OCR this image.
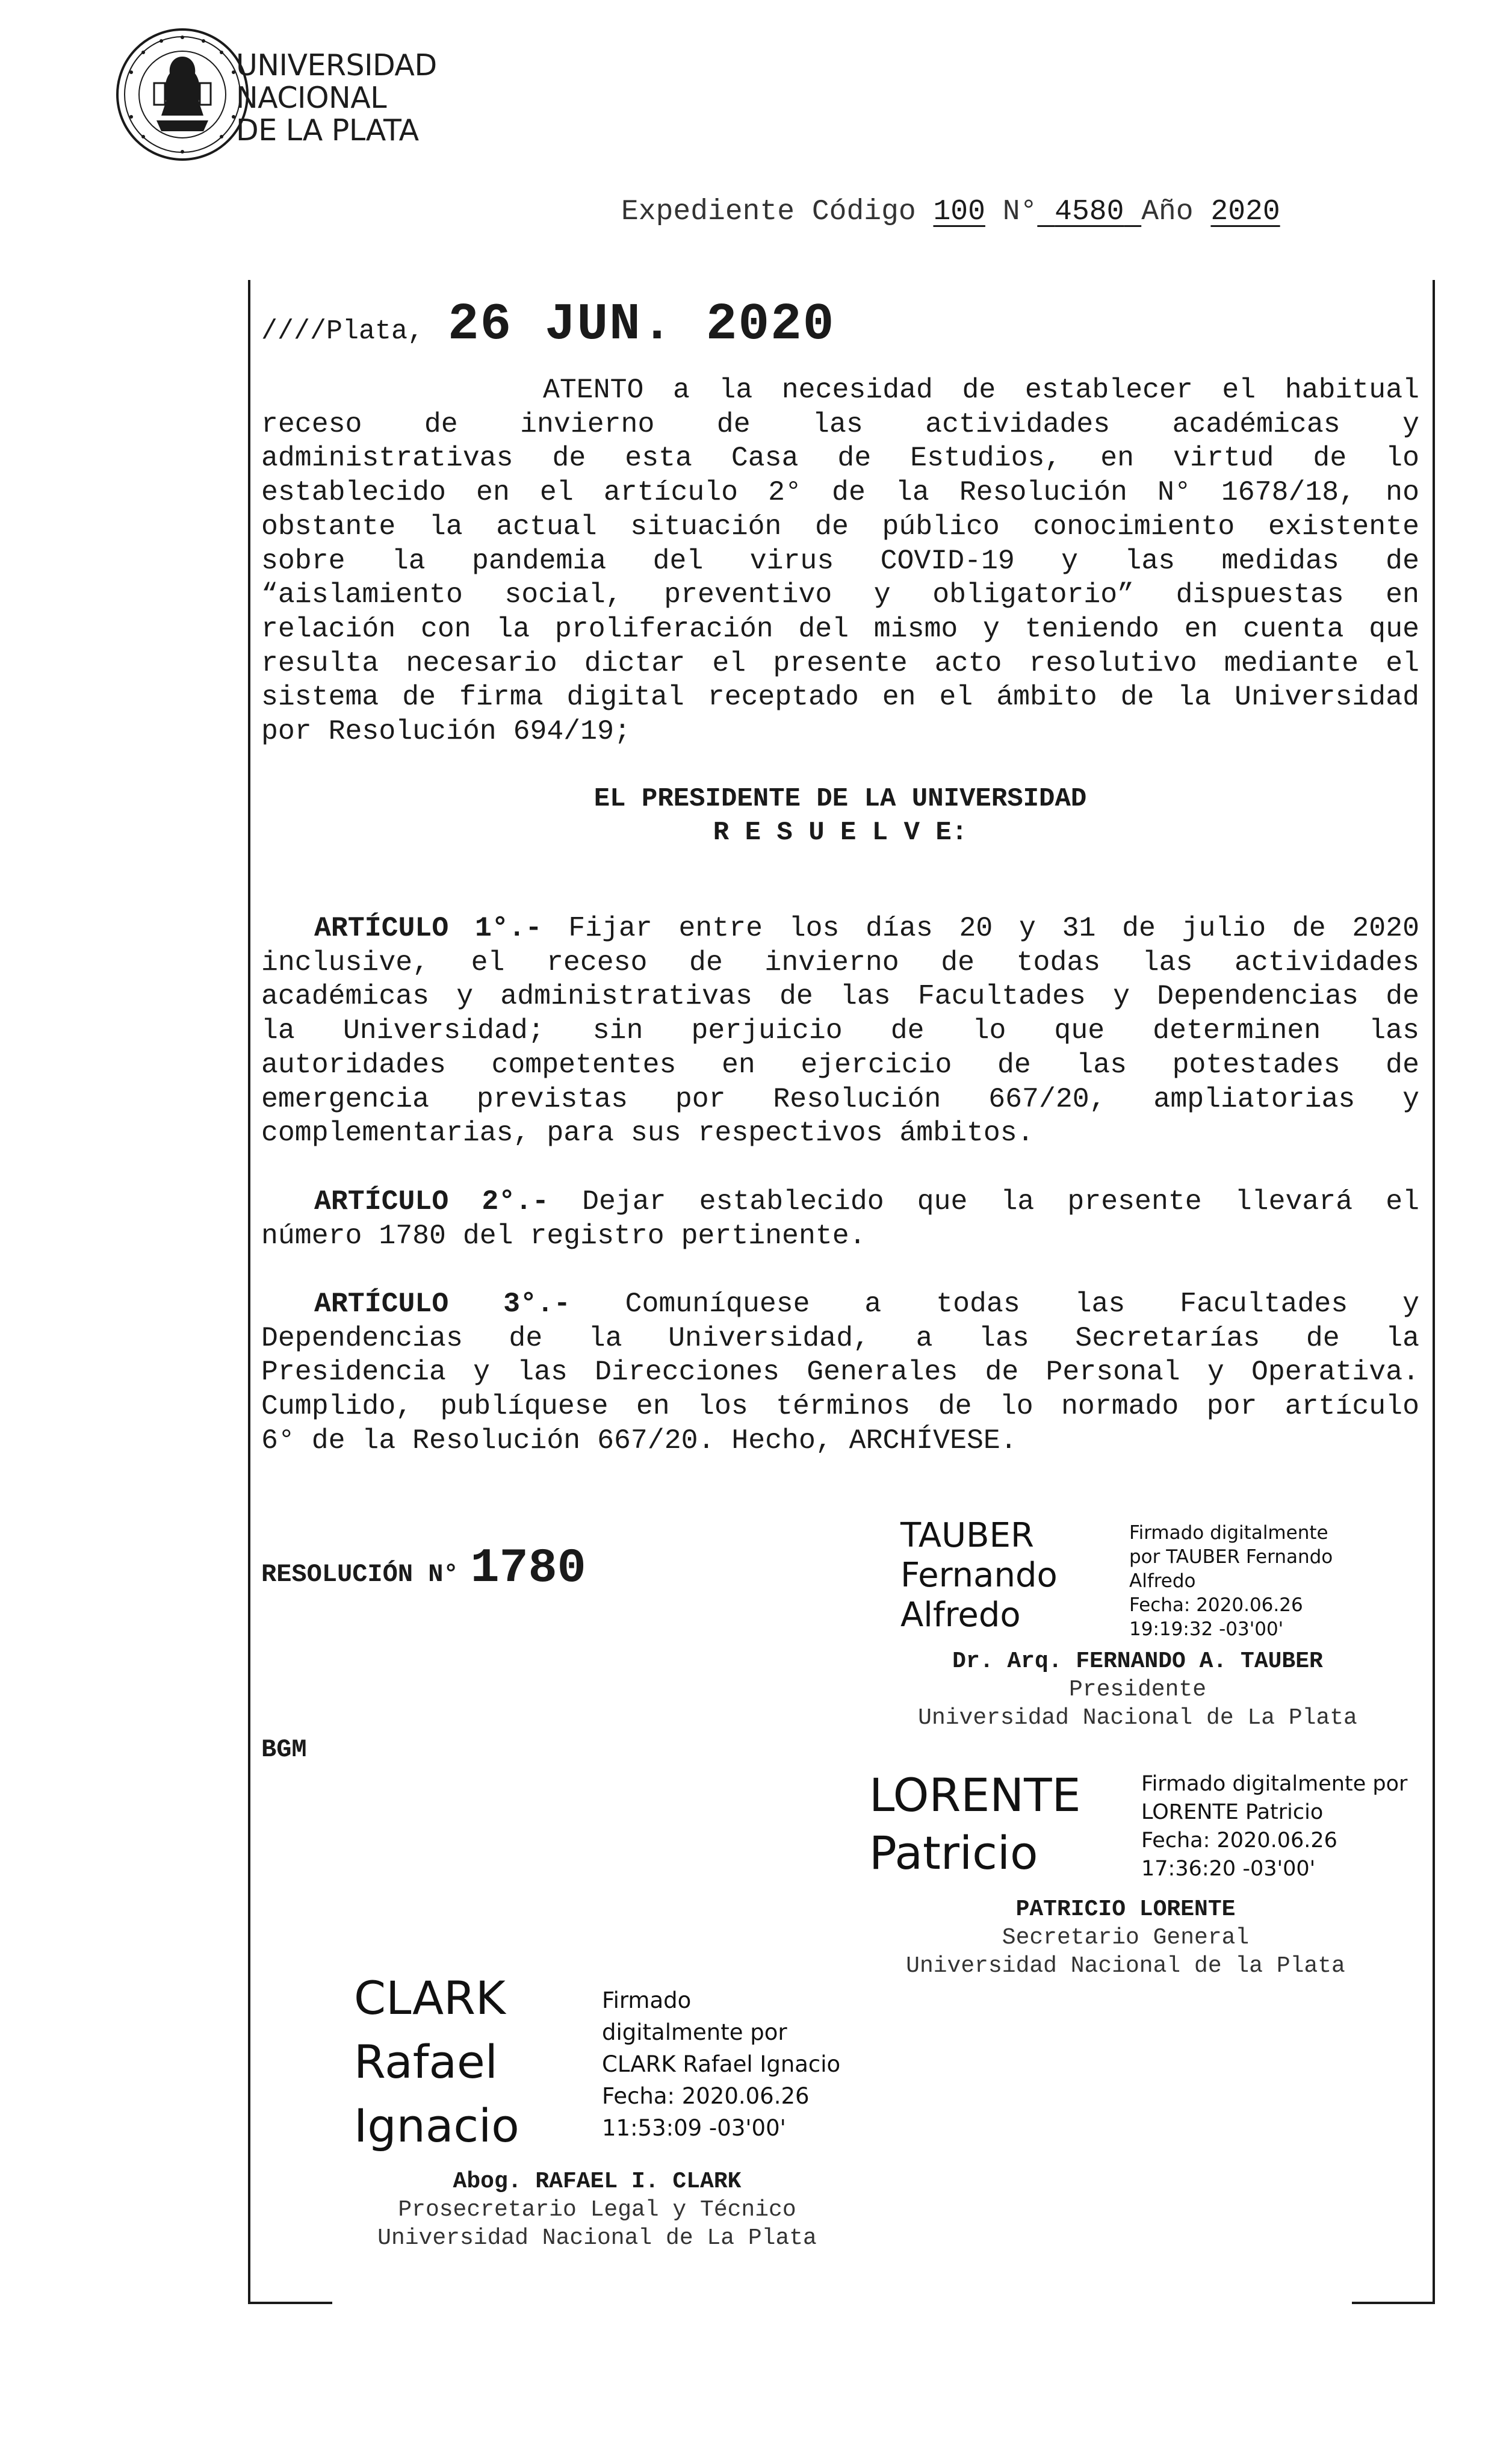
UNIVERSIDAD
NACIONAL
DE LA PLATA
Expediente Código 100 N° 4580 Año 2020
////Plata, 26 JUN. 2020
ATENTO a la necesidad de establecer el habitual
receso de invierno de las actividades académicas y
administrativas de esta Casa de Estudios, en virtud de lo
establecido en el artículo 2° de la Resolución N° 1678/18, no
obstante la actual situación de público conocimiento existente
sobre la pandemia del virus COVID-19 y las medidas de
“aislamiento social, preventivo y obligatorio” dispuestas en
relación con la proliferación del mismo y teniendo en cuenta que
resulta necesario dictar el presente acto resolutivo mediante el
sistema de firma digital receptado en el ámbito de la Universidad
por Resolución 694/19;
EL PRESIDENTE DE LA UNIVERSIDAD
R E S U E L V E:
ARTÍCULO 1°.- Fijar entre los días 20 y 31 de julio de 2020
inclusive, el receso de invierno de todas las actividades
académicas y administrativas de las Facultades y Dependencias de
la Universidad; sin perjuicio de lo que determinen las
autoridades competentes en ejercicio de las potestades de
emergencia previstas por Resolución 667/20, ampliatorias y
complementarias, para sus respectivos ámbitos.
ARTÍCULO 2°.- Dejar establecido que la presente llevará el
número 1780 del registro pertinente.
ARTÍCULO 3°.- Comuníquese a todas las Facultades y
Dependencias de la Universidad, a las Secretarías de la
Presidencia y las Direcciones Generales de Personal y Operativa.
Cumplido, publíquese en los términos de lo normado por artículo
6° de la Resolución 667/20. Hecho, ARCHÍVESE.
RESOLUCIÓN N° 1780
BGM
TAUBER
Fernando
Alfredo
Firmado digitalmente
por TAUBER Fernando
Alfredo
Fecha: 2020.06.26
19:19:32 -03'00'
Dr. Arq. FERNANDO A. TAUBER
Presidente
Universidad Nacional de La Plata
LORENTE
Patricio
Firmado digitalmente por
LORENTE Patricio
Fecha: 2020.06.26
17:36:20 -03'00'
PATRICIO LORENTE
Secretario General
Universidad Nacional de la Plata
CLARK
Rafael
Ignacio
Firmado
digitalmente por
CLARK Rafael Ignacio
Fecha: 2020.06.26
11:53:09 -03'00'
Abog. RAFAEL I. CLARK
Prosecretario Legal y Técnico
Universidad Nacional de La Plata
